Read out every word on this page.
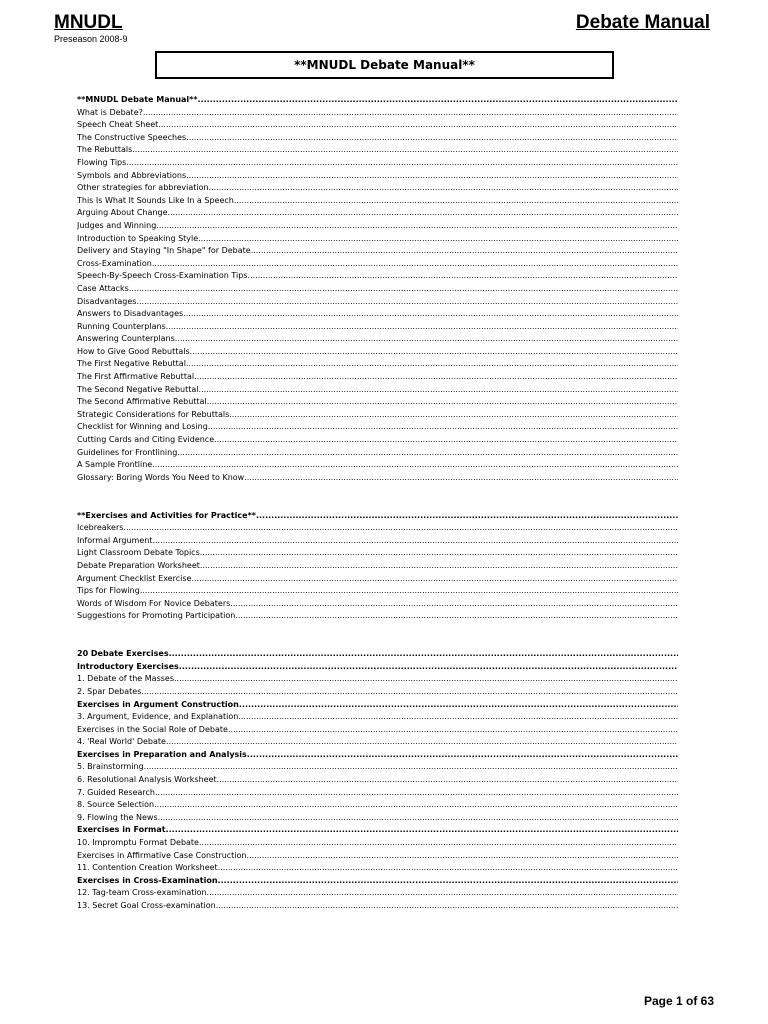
MNUDL
Preseason 2008-9
Debate Manual
**MNUDL Debate Manual**
**MNUDL Debate Manual**
.....
What is Debate?
.....
Speech Cheat Sheet
.....
The Constructive Speeches
.....
The Rebuttals
.....
Flowing Tips
.....
Symbols and Abbreviations
.....
Other strategies for abbreviation
.....
This Is What It Sounds Like In a Speech
.....
Arguing About Change
.....
Judges and Winning
.....
Introduction to Speaking Style
.....
Delivery and Staying "In Shape" for Debate
.....
Cross-Examination
.....
Speech-By-Speech Cross-Examination Tips
.....
Case Attacks
.....
Disadvantages
.....
Answers to Disadvantages
.....
Running Counterplans
.....
Answering Counterplans
.....
How to Give Good Rebuttals
.....
The First Negative Rebuttal
.....
The First Affirmative Rebuttal
.....
The Second Negative Rebuttal
.....
The Second Affirmative Rebuttal
.....
Strategic Considerations for Rebuttals
.....
Checklist for Winning and Losing
.....
Cutting Cards and Citing Evidence
.....
Guidelines for Frontlining
.....
A Sample Frontline
.....
Glossary: Boring Words You Need to Know
.....
**Exercises and Activities for Practice**
.....
Icebreakers
.....
Informal Argument
.....
Light Classroom Debate Topics
.....
Debate Preparation Worksheet
.....
Argument Checklist Exercise
.....
Tips for Flowing
.....
Words of Wisdom For Novice Debaters
.....
Suggestions for Promoting Participation
.....
20 Debate Exercises
.....
Introductory Exercises
.....
1. Debate of the Masses
.....
2. Spar Debates
.....
Exercises in Argument Construction
.....
3. Argument, Evidence, and Explanation
.....
Exercises in the Social Role of Debate
.....
4. 'Real World' Debate
.....
Exercises in Preparation and Analysis
.....
5. Brainstorming
.....
6. Resolutional Analysis Worksheet
.....
7. Guided Research
.....
8. Source Selection
.....
9. Flowing the News
.....
Exercises in Format
.....
10. Impromptu Format Debate
.....
Exercises in Affirmative Case Construction
.....
11. Contention Creation Worksheet
.....
Exercises in Cross-Examination
.....
12. Tag-team Cross-examination
.....
13. Secret Goal Cross-examination
.....
Page 1 of 63
